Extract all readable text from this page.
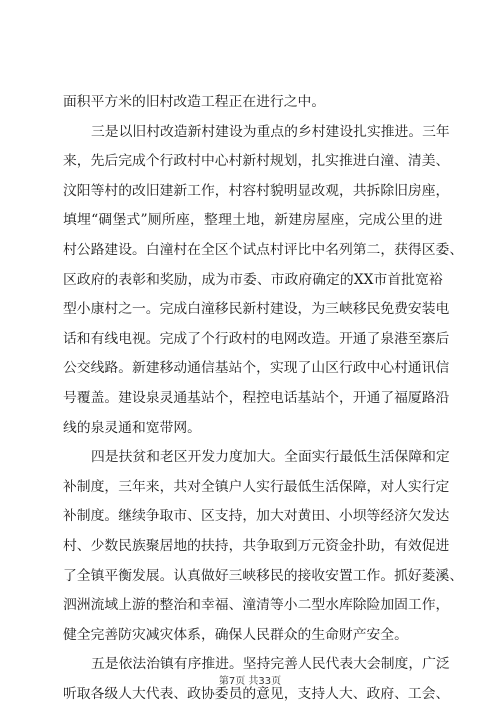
面积平方米的旧村改造工程正在进行之中。
三 是 以 旧 村 改 造 新 村 建 设 为 重 点 的 乡 村 建 设 扎 实 推 进 。 三 年
来 ， 先 后 完 成 个 行 政 村 中 心 村 新 村 规 划 ， 扎 实 推 进 白 潼 、 清 美 、
汶 阳 等 村 的 改 旧 建 新 工 作 ， 村 容 村 貌 明 显 改 观 ， 共 拆 除 旧 房 座 ，
填 埋 “ 碉 堡 式 ” 厕 所 座 ， 整 理 土 地 ， 新 建 房 屋 座 ， 完 成 公 里 的 进
村 公 路 建 设 。 白 潼 村 在 全 区 个 试 点 村 评 比 中 名 列 第 二 ， 获 得 区 委 、
区 政 府 的 表 彰 和 奖 励 ， 成 为 市 委 、 市 政 府 确 定 的 X X 市 首 批 宽 裕
型 小 康 村 之 一 。 完 成 白 潼 移 民 新 村 建 设 ， 为 三 峡 移 民 免 费 安 装 电
话 和 有 线 电 视 。 完 成 了 个 行 政 村 的 电 网 改 造 。 开 通 了 泉 港 至 寨 后
公 交 线 路 。 新 建 移 动 通 信 基 站 个 ， 实 现 了 山 区 行 政 中 心 村 通 讯 信
号 覆 盖 。 建 设 泉 灵 通 基 站 个 ， 程 控 电 话 基 站 个 ， 开 通 了 福 厦 路 沿
线的泉灵通和宽带网。
四 是 扶 贫 和 老 区 开 发 力 度 加 大 。 全 面 实 行 最 低 生 活 保 障 和 定
补 制 度 ， 三 年 来 ， 共 对 全 镇 户 人 实 行 最 低 生 活 保 障 ， 对 人 实 行 定
补 制 度 。 继 续 争 取 市 、 区 支 持 ， 加 大 对 黄 田 、 小 坝 等 经 济 欠 发 达
村 、 少 数 民 族 聚 居 地 的 扶 持 ， 共 争 取 到 万 元 资 金 扑 助 ， 有 效 促 进
了 全 镇 平 衡 发 展 。 认 真 做 好 三 峡 移 民 的 接 收 安 置 工 作 。 抓 好 菱 溪 、
泗 洲 流 域 上 游 的 整 治 和 幸 福 、 潼 清 等 小 二 型 水 库 除 险 加 固 工 作 ，
健全完善防灾减灾体系，确保人民群众的生命财产安全。
五 是 依 法 治 镇 有 序 推 进 。 坚 持 完 善 人 民 代 表 大 会 制 度 ， 广 泛
听 取 各 级 人 大 代 表 、 政 协 委 员 的 意 见 ， 支 持 人 大 、 政 府 、 工 会 、
第7页 共33页
